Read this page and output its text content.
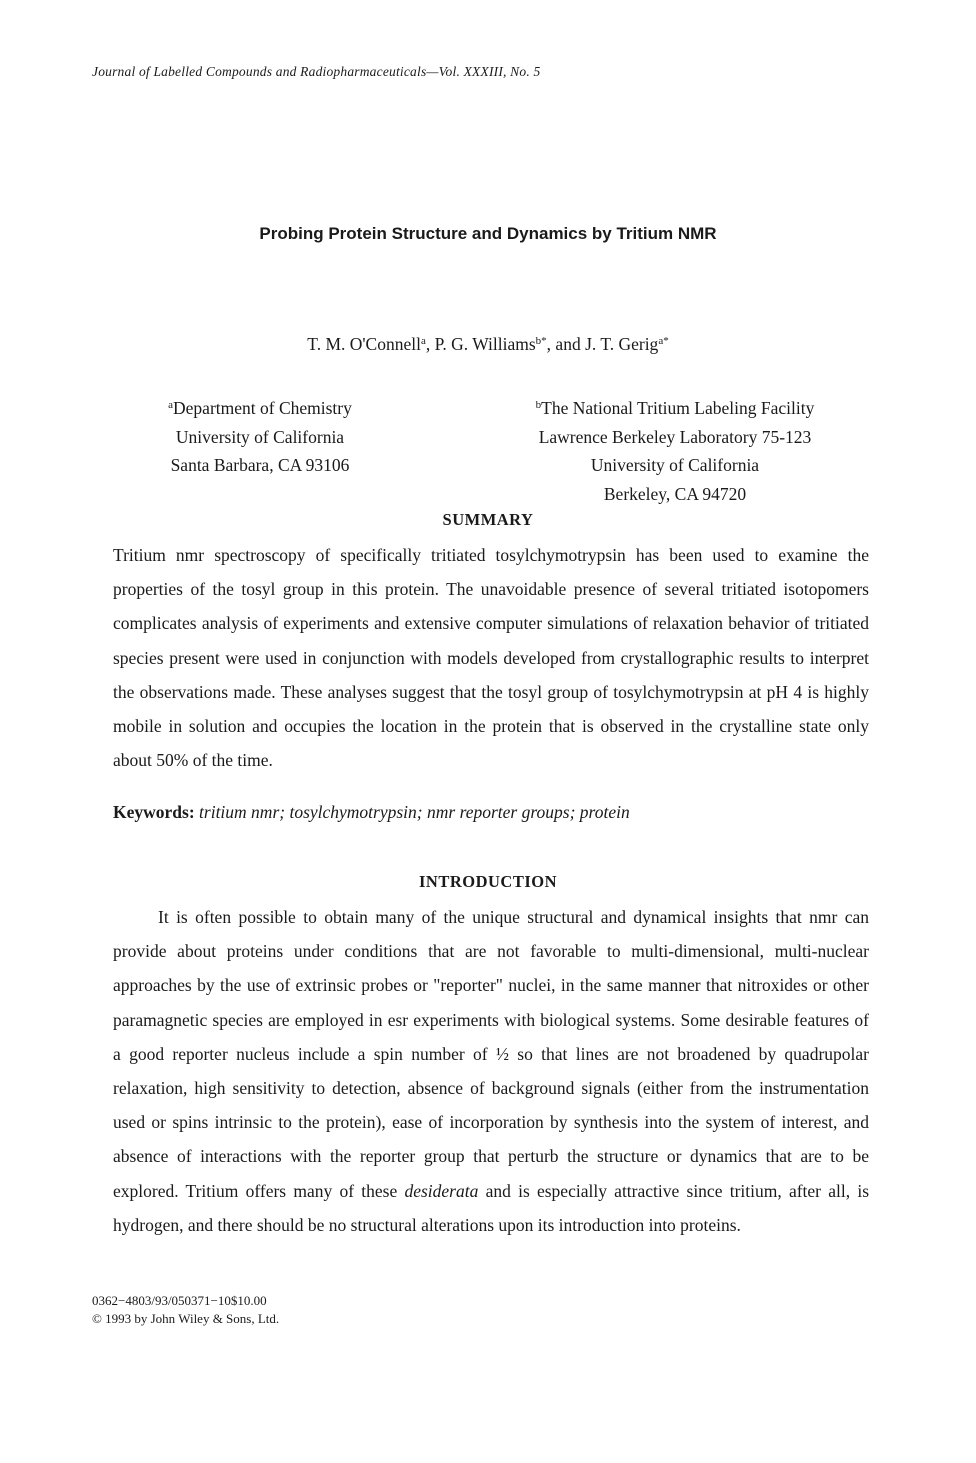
Journal of Labelled Compounds and Radiopharmaceuticals—Vol. XXXIII, No. 5
Probing Protein Structure and Dynamics by Tritium NMR
T. M. O'Connell$^a$, P. G. Williams$^{b*}$, and J. T. Gerig$^{a*}$
$^a$Department of Chemistry
University of California
Santa Barbara, CA 93106
$^b$The National Tritium Labeling Facility
Lawrence Berkeley Laboratory 75-123
University of California
Berkeley, CA 94720
SUMMARY
Tritium nmr spectroscopy of specifically tritiated tosylchymotrypsin has been used to examine the properties of the tosyl group in this protein. The unavoidable presence of several tritiated isotopomers complicates analysis of experiments and extensive computer simulations of relaxation behavior of tritiated species present were used in conjunction with models developed from crystallographic results to interpret the observations made. These analyses suggest that the tosyl group of tosylchymotrypsin at pH 4 is highly mobile in solution and occupies the location in the protein that is observed in the crystalline state only about 50% of the time.
Keywords: tritium nmr; tosylchymotrypsin; nmr reporter groups; protein
INTRODUCTION
It is often possible to obtain many of the unique structural and dynamical insights that nmr can provide about proteins under conditions that are not favorable to multi-dimensional, multi-nuclear approaches by the use of extrinsic probes or "reporter" nuclei, in the same manner that nitroxides or other paramagnetic species are employed in esr experiments with biological systems. Some desirable features of a good reporter nucleus include a spin number of ½ so that lines are not broadened by quadrupolar relaxation, high sensitivity to detection, absence of background signals (either from the instrumentation used or spins intrinsic to the protein), ease of incorporation by synthesis into the system of interest, and absence of interactions with the reporter group that perturb the structure or dynamics that are to be explored. Tritium offers many of these desiderata and is especially attractive since tritium, after all, is hydrogen, and there should be no structural alterations upon its introduction into proteins.
0362−4803/93/050371−10$10.00
© 1993 by John Wiley & Sons, Ltd.
